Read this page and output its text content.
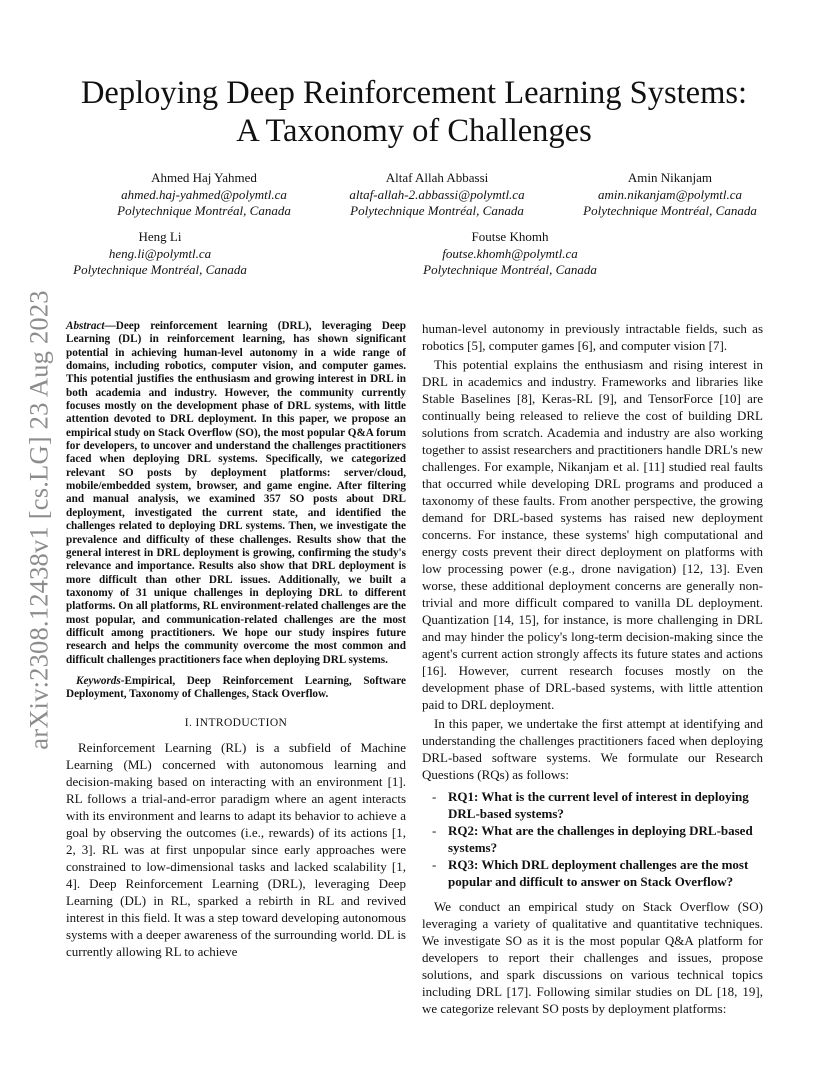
arXiv:2308.12438v1 [cs.LG] 23 Aug 2023
Deploying Deep Reinforcement Learning Systems:
A Taxonomy of Challenges
Ahmed Haj Yahmed
ahmed.haj-yahmed@polymtl.ca
Polytechnique Montréal, Canada
Altaf Allah Abbassi
altaf-allah-2.abbassi@polymtl.ca
Polytechnique Montréal, Canada
Amin Nikanjam
amin.nikanjam@polymtl.ca
Polytechnique Montréal, Canada
Heng Li
heng.li@polymtl.ca
Polytechnique Montréal, Canada
Foutse Khomh
foutse.khomh@polymtl.ca
Polytechnique Montréal, Canada

Abstract—Deep reinforcement learning (DRL), leveraging Deep Learning (DL) in reinforcement learning, has shown significant potential in achieving human-level autonomy in a wide range of domains, including robotics, computer vision, and computer games. This potential justifies the enthusiasm and growing interest in DRL in both academia and industry. However, the community currently focuses mostly on the development phase of DRL systems, with little attention devoted to DRL deployment. In this paper, we propose an empirical study on Stack Overflow (SO), the most popular Q&A forum for developers, to uncover and understand the challenges practitioners faced when deploying DRL systems. Specifically, we categorized relevant SO posts by deployment platforms: server/cloud, mobile/embedded system, browser, and game engine. After filtering and manual analysis, we examined 357 SO posts about DRL deployment, investigated the current state, and identified the challenges related to deploying DRL systems. Then, we investigate the prevalence and difficulty of these challenges. Results show that the general interest in DRL deployment is growing, confirming the study's relevance and importance. Results also show that DRL deployment is more difficult than other DRL issues. Additionally, we built a taxonomy of 31 unique challenges in deploying DRL to different platforms. On all platforms, RL environment-related challenges are the most popular, and communication-related challenges are the most difficult among practitioners. We hope our study inspires future research and helps the community overcome the most common and difficult challenges practitioners face when deploying DRL systems.

Keywords-Empirical, Deep Reinforcement Learning, Software Deployment, Taxonomy of Challenges, Stack Overflow.

I. INTRODUCTION

Reinforcement Learning (RL) is a subfield of Machine Learning (ML) concerned with autonomous learning and decision-making based on interacting with an environment [1]. RL follows a trial-and-error paradigm where an agent interacts with its environment and learns to adapt its behavior to achieve a goal by observing the outcomes (i.e., rewards) of its actions [1, 2, 3]. RL was at first unpopular since early approaches were constrained to low-dimensional tasks and lacked scalability [1, 4]. Deep Reinforcement Learning (DRL), leveraging Deep Learning (DL) in RL, sparked a rebirth in RL and revived interest in this field. It was a step toward developing autonomous systems with a deeper awareness of the surrounding world. DL is currently allowing RL to achieve

human-level autonomy in previously intractable fields, such as robotics [5], computer games [6], and computer vision [7].

This potential explains the enthusiasm and rising interest in DRL in academics and industry. Frameworks and libraries like Stable Baselines [8], Keras-RL [9], and TensorForce [10] are continually being released to relieve the cost of building DRL solutions from scratch. Academia and industry are also working together to assist researchers and practitioners handle DRL's new challenges. For example, Nikanjam et al. [11] studied real faults that occurred while developing DRL programs and produced a taxonomy of these faults. From another perspective, the growing demand for DRL-based systems has raised new deployment concerns. For instance, these systems' high computational and energy costs prevent their direct deployment on platforms with low processing power (e.g., drone navigation) [12, 13]. Even worse, these additional deployment concerns are generally non-trivial and more difficult compared to vanilla DL deployment. Quantization [14, 15], for instance, is more challenging in DRL and may hinder the policy's long-term decision-making since the agent's current action strongly affects its future states and actions [16]. However, current research focuses mostly on the development phase of DRL-based systems, with little attention paid to DRL deployment.

In this paper, we undertake the first attempt at identifying and understanding the challenges practitioners faced when deploying DRL-based software systems. We formulate our Research Questions (RQs) as follows:

- RQ1: What is the current level of interest in deploying DRL-based systems?
- RQ2: What are the challenges in deploying DRL-based systems?
- RQ3: Which DRL deployment challenges are the most popular and difficult to answer on Stack Overflow?

We conduct an empirical study on Stack Overflow (SO) leveraging a variety of qualitative and quantitative techniques. We investigate SO as it is the most popular Q&A platform for developers to report their challenges and issues, propose solutions, and spark discussions on various technical topics including DRL [17]. Following similar studies on DL [18, 19], we categorize relevant SO posts by deployment platforms:
